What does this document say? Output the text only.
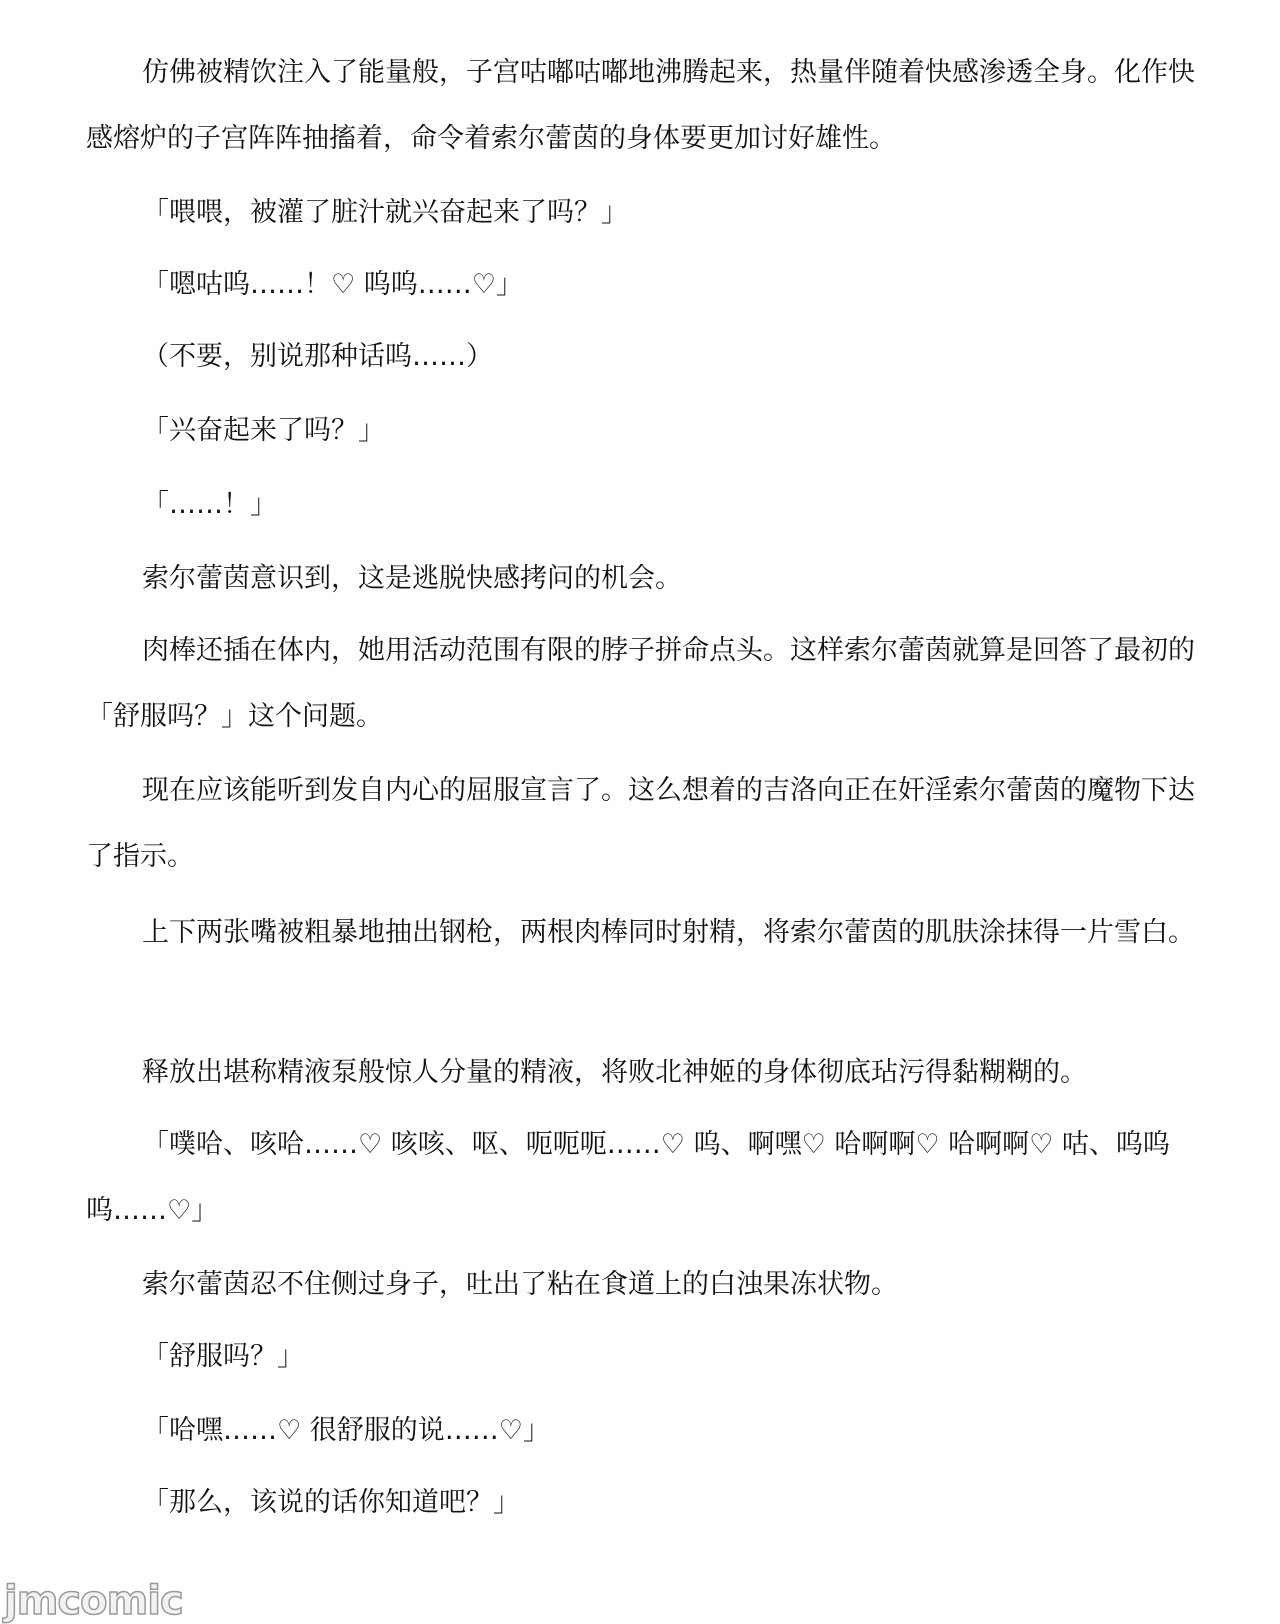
仿佛被精饮注入了能量般，子宫咕嘟咕嘟地沸腾起来，热量伴随着快感渗透全身。化作快感熔炉的子宫阵阵抽搐着，命令着索尔蕾茵的身体要更加讨好雄性。

「喂喂，被灌了脏汁就兴奋起来了吗？」

「嗯咕呜……！♡ 呜呜……♡」

（不要，别说那种话呜……）

「兴奋起来了吗？」

「……！」

索尔蕾茵意识到，这是逃脱快感拷问的机会。

肉棒还插在体内，她用活动范围有限的脖子拼命点头。这样索尔蕾茵就算是回答了最初的「舒服吗？」这个问题。

现在应该能听到发自内心的屈服宣言了。这么想着的吉洛向正在奸淫索尔蕾茵的魔物下达了指示。

上下两张嘴被粗暴地抽出钢枪，两根肉棒同时射精，将索尔蕾茵的肌肤涂抹得一片雪白。

释放出堪称精液泵般惊人分量的精液，将败北神姬的身体彻底玷污得黏糊糊的。

「噗哈、咳哈……♡ 咳咳、呕、呃呃呃……♡ 呜、啊嘿♡ 哈啊啊♡ 哈啊啊♡ 咕、呜呜呜……♡」

索尔蕾茵忍不住侧过身子，吐出了粘在食道上的白浊果冻状物。

「舒服吗？」

「哈嘿……♡ 很舒服的说……♡」

「那么，该说的话你知道吧？」

jmcomic
